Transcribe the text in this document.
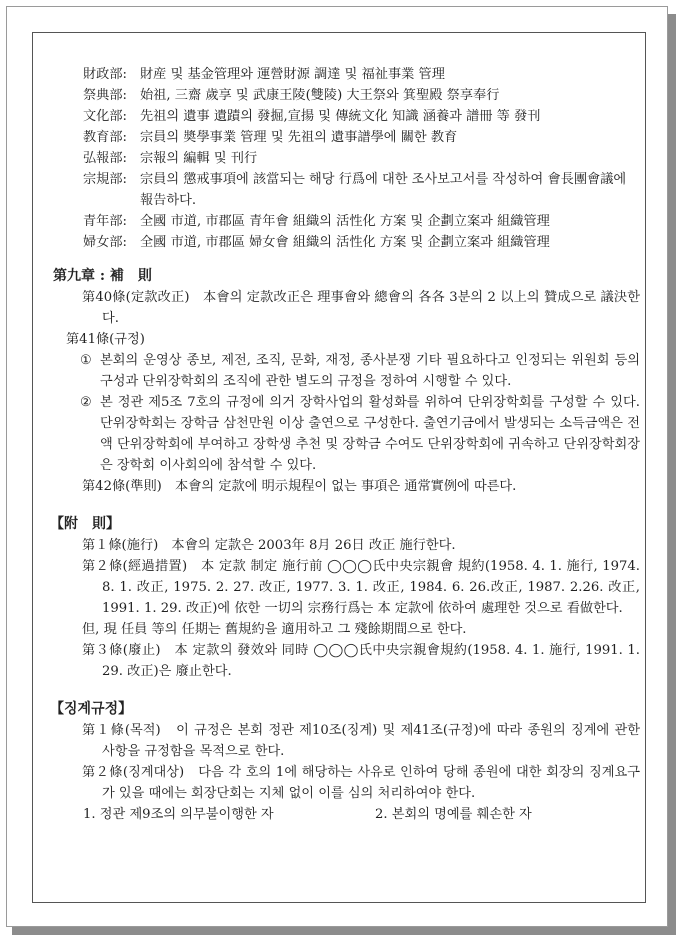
財政部: 財産 및 基金管理와 運營財源 調達 및 福祉事業 管理
祭典部: 始祖, 三齋 歲享 및 武康王陵(雙陵) 大王祭와 箕聖殿 祭享奉行
文化部: 先祖의 遺事 遺蹟의 發掘,宣揚 및 傳統文化 知識 涵養과 譜冊 等 發刊
教育部: 宗員의 奬學事業 管理 및 先祖의 遺事譜學에 關한 教育
弘報部: 宗報의 編輯 및 刊行
宗規部: 宗員의 懲戒事項에 該當되는 해당 行爲에 대한 조사보고서를 작성하여 會長團會議에 報告하다.
青年部: 全國 市道, 市郡區 青年會 組織의 活性化 方案 및 企劃立案과 組織管理
婦女部: 全國 市道, 市郡區 婦女會 組織의 活性化 方案 및 企劃立案과 組織管理
第九章 : 補　則
第40條(定款改正)　本會의 定款改正은 理事會와 總會의 各各 3분의 2 以上의 贊成으로 議決한다.
第41條(규정)
① 본회의 운영상 종보, 제전, 조직, 문화, 재정, 종사분쟁 기타 필요하다고 인정되는 위원회 등의 구성과 단위장학회의 조직에 관한 별도의 규정을 정하여 시행할 수 있다.
② 본 정관 제5조 7호의 규정에 의거 장학사업의 활성화를 위하여 단위장학회를 구성할 수 있다. 단위장학회는 장학금 삼천만원 이상 출연으로 구성한다. 출연기금에서 발생되는 소득금액은 전액 단위장학회에 부여하고 장학생 추천 및 장학금 수여도 단위장학회에 귀속하고 단위장학회장은 장학회 이사회의에 참석할 수 있다.
第42條(準則)　本會의 定款에 明示規程이 없는 事項은 通常實例에 따른다.
【附　則】
第１條(施行)　本會의 定款은 2003年 8月 26日 改正 施行한다.
第２條(經過措置)　本 定款 制定 施行前 ◯◯◯氏中央宗親會 規約(1958. 4. 1. 施行, 1974. 8. 1. 改正, 1975. 2. 27. 改正, 1977. 3. 1. 改正, 1984. 6. 26.改正, 1987. 2.26. 改正, 1991. 1. 29. 改正)에 依한 一切의 宗務行爲는 本 定款에 依하여 處理한 것으로 看做한다.
但, 現 任員 等의 任期는 舊規約을 適用하고 그 殘餘期間으로 한다.
第３條(廢止)　本 定款의 發效와 同時 ◯◯◯氏中央宗親會規約(1958. 4. 1. 施行, 1991. 1. 29. 改正)은 廢止한다.
【징계규정】
第１條(목적)　이 규정은 본회 정관 제10조(징계) 및 제41조(규정)에 따라 종원의 징계에 관한 사항을 규정함을 목적으로 한다.
第２條(징계대상)　다음 각 호의 1에 해당하는 사유로 인하여 당해 종원에 대한 회장의 징계요구가 있을 때에는 회장단회는 지체 없이 이를 심의 처리하여야 한다.
1. 정관 제9조의 의무불이행한 자	2. 본회의 명예를 훼손한 자
